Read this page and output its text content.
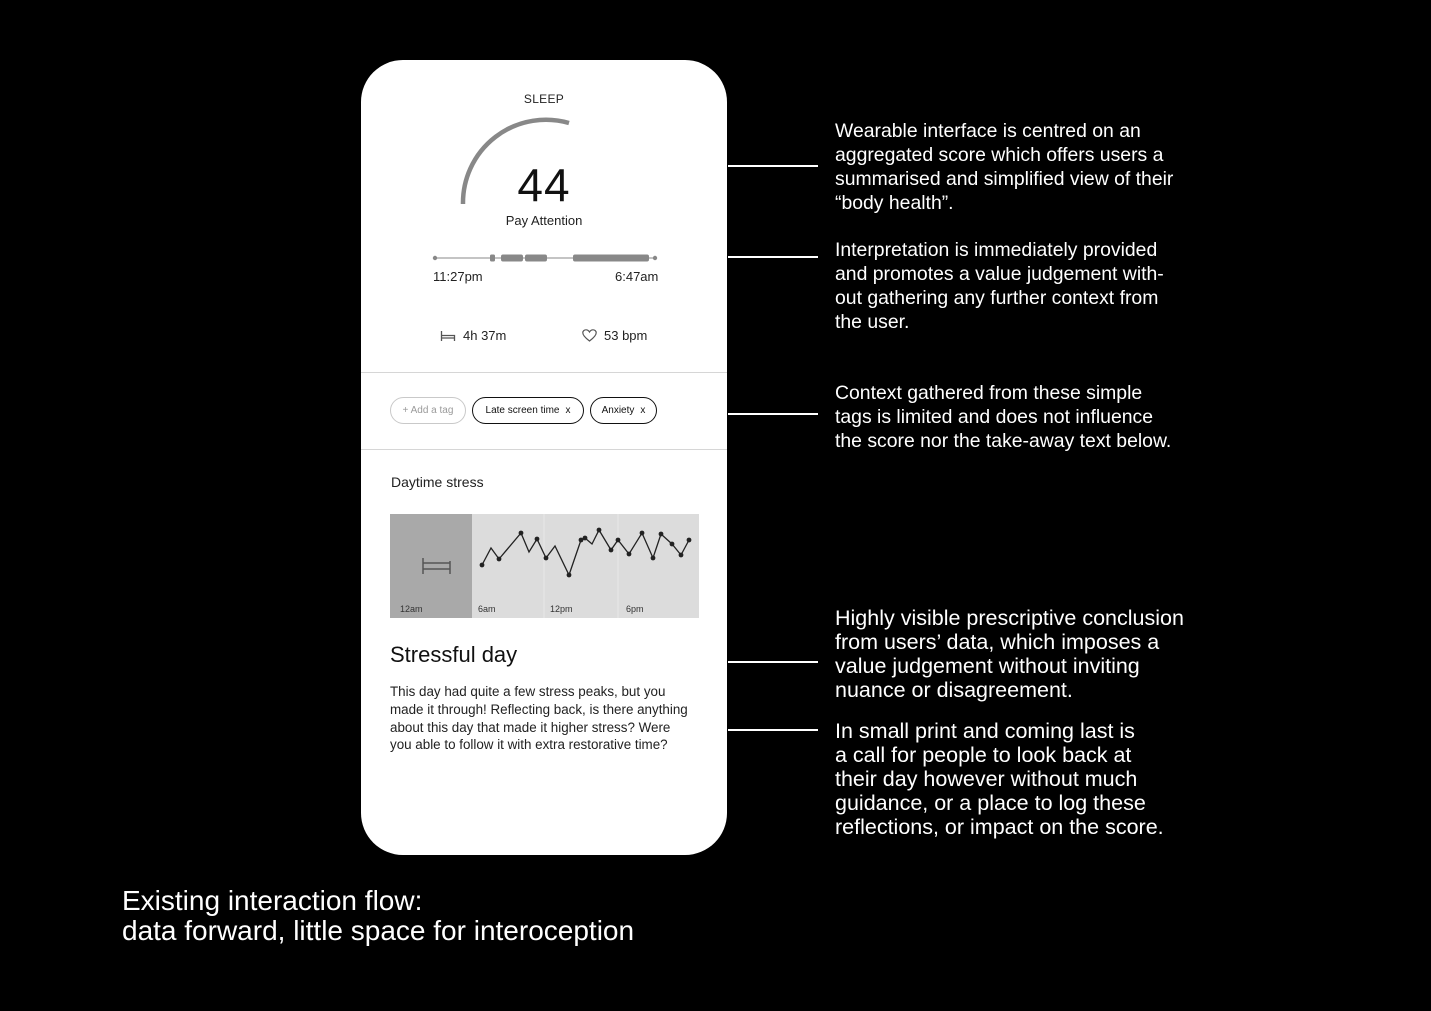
SLEEP
44
Pay Attention
11:27pm	6:47am
4h 37m	53 bpm
+ Add a tag	Late screen time x	Anxiety x
Daytime stress
12am	6am	12pm	6pm
Stressful day
This day had quite a few stress peaks, but you made it through! Reflecting back, is there anything about this day that made it higher stress? Were you able to follow it with extra restorative time?
Wearable interface is centred on an
aggregated score which offers users a
summarised and simplified view of their
“body health”.
Interpretation is immediately provided
and promotes a value judgement with-
out gathering any further context from
the user.
Context gathered from these simple
tags is limited and does not influence
the score nor the take-away text below.
Highly visible prescriptive conclusion
from users’ data, which imposes a
value judgement without inviting
nuance or disagreement.
In small print and coming last is
a call for people to look back at
their day however without much
guidance, or a place to log these
reflections, or impact on the score.
Existing interaction flow:
data forward, little space for interoception
